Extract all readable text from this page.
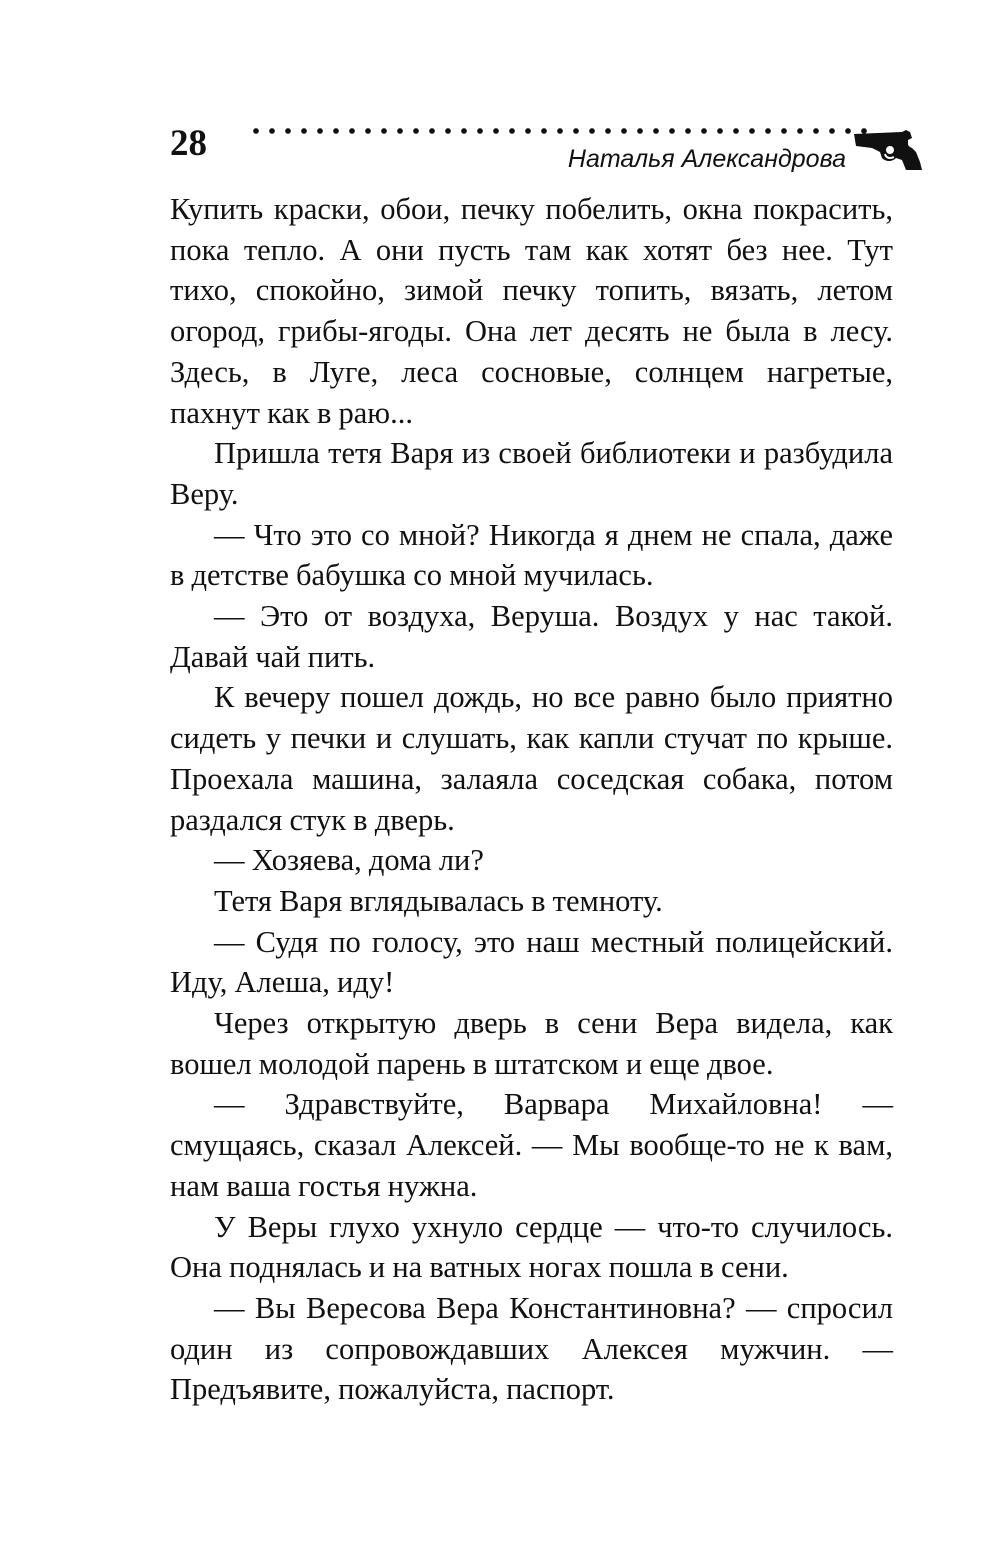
28	Наталья Александрова

Купить краски, обои, печку побелить, окна покрасить, пока тепло. А они пусть там как хотят без нее. Тут тихо, спокойно, зимой печку топить, вязать, летом огород, грибы-ягоды. Она лет десять не была в лесу. Здесь, в Луге, леса сосновые, солнцем нагретые, пахнут как в раю...

Пришла тетя Варя из своей библиотеки и разбудила Веру.

— Что это со мной? Никогда я днем не спала, даже в детстве бабушка со мной мучилась.

— Это от воздуха, Веруша. Воздух у нас такой. Давай чай пить.

К вечеру пошел дождь, но все равно было приятно сидеть у печки и слушать, как капли стучат по крыше. Проехала машина, залаяла соседская собака, потом раздался стук в дверь.

— Хозяева, дома ли?

Тетя Варя вглядывалась в темноту.

— Судя по голосу, это наш местный полицейский. Иду, Алеша, иду!

Через открытую дверь в сени Вера видела, как вошел молодой парень в штатском и еще двое.

— Здравствуйте, Варвара Михайловна! — смущаясь, сказал Алексей. — Мы вообще-то не к вам, нам ваша гостья нужна.

У Веры глухо ухнуло сердце — что-то случилось. Она поднялась и на ватных ногах пошла в сени.

— Вы Вересова Вера Константиновна? — спросил один из сопровождавших Алексея мужчин. — Предъявите, пожалуйста, паспорт.
